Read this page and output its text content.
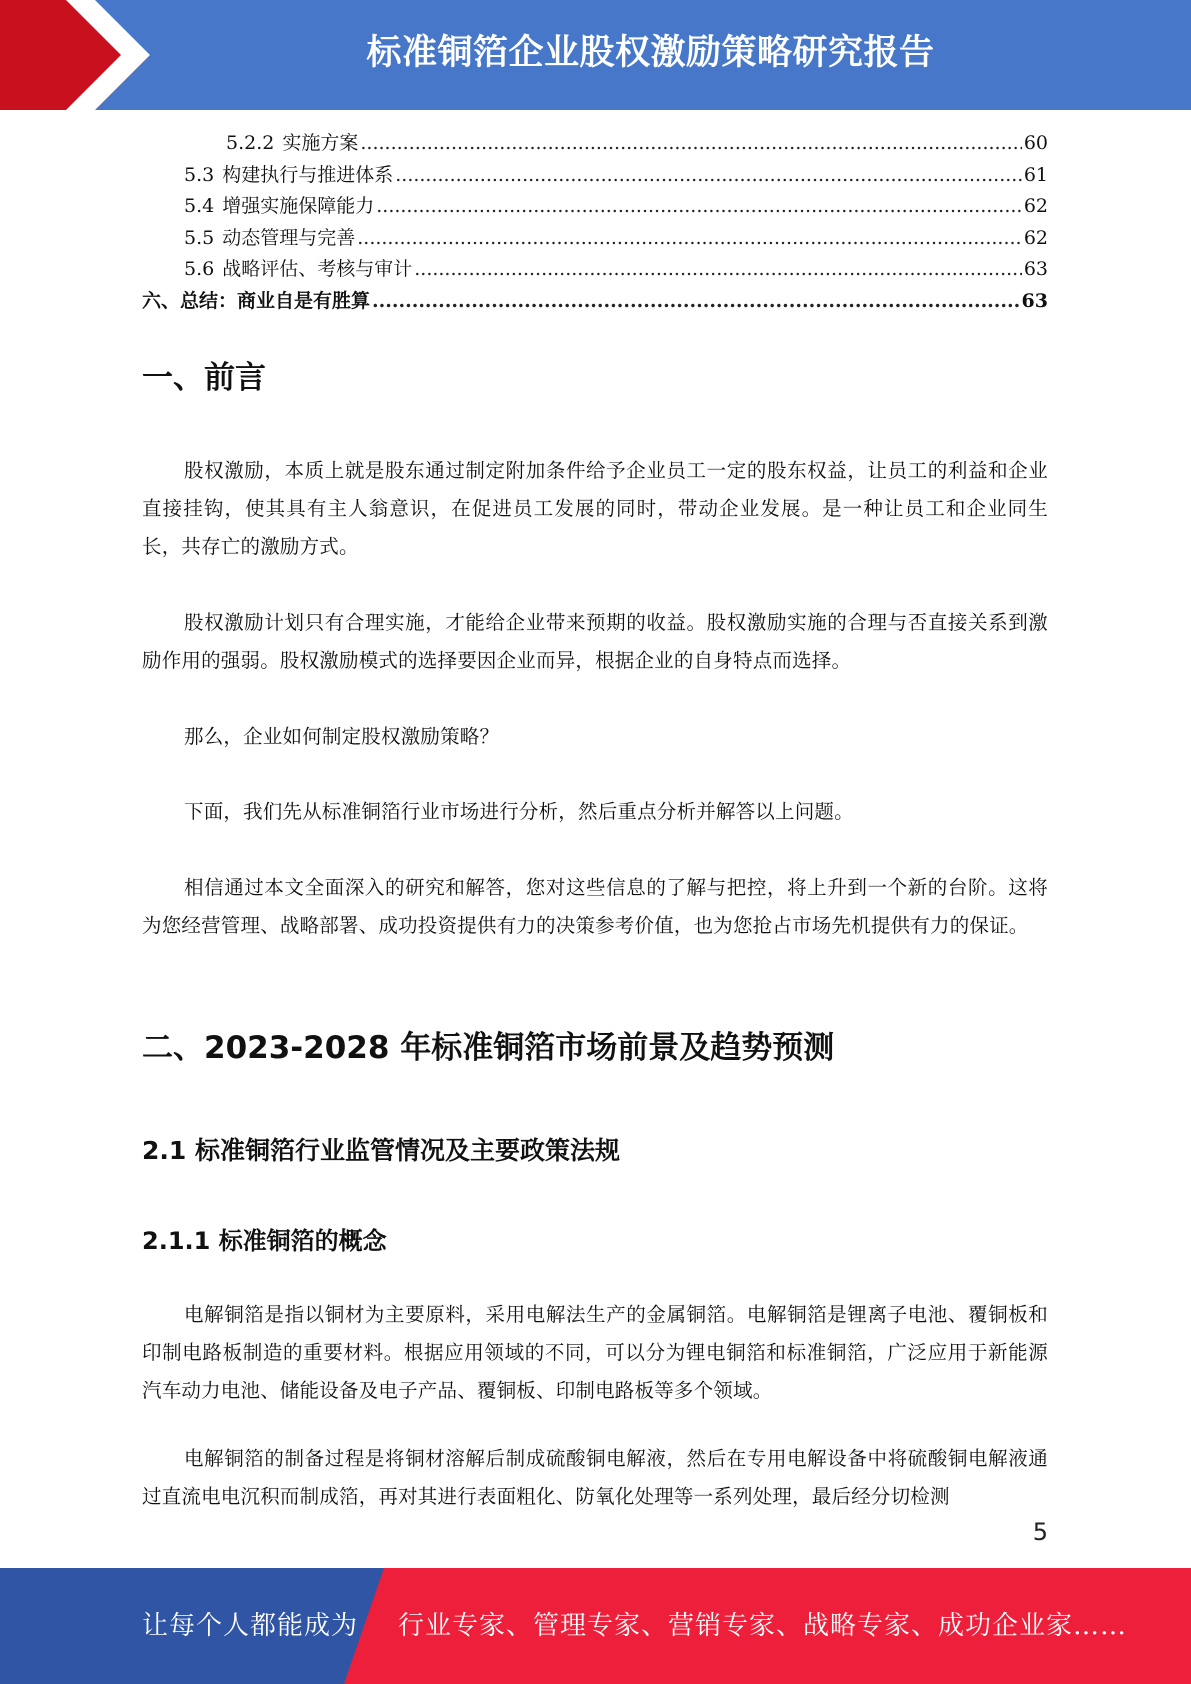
标准铜箔企业股权激励策略研究报告
5.2.2 实施方案 .....	60
5.3 构建执行与推进体系 .....	61
5.4 增强实施保障能力 .....	62
5.5 动态管理与完善 .....	62
5.6 战略评估、考核与审计 .....	63
六、总结：商业自是有胜算 .....	63
一、前言

股权激励，本质上就是股东通过制定附加条件给予企业员工一定的股东权益，让员工的利益和企业直接挂钩，使其具有主人翁意识，在促进员工发展的同时，带动企业发展。是一种让员工和企业同生长，共存亡的激励方式。

股权激励计划只有合理实施，才能给企业带来预期的收益。股权激励实施的合理与否直接关系到激励作用的强弱。股权激励模式的选择要因企业而异，根据企业的自身特点而选择。

那么，企业如何制定股权激励策略？

下面，我们先从标准铜箔行业市场进行分析，然后重点分析并解答以上问题。

相信通过本文全面深入的研究和解答，您对这些信息的了解与把控，将上升到一个新的台阶。这将为您经营管理、战略部署、成功投资提供有力的决策参考价值，也为您抢占市场先机提供有力的保证。

二、2023-2028 年标准铜箔市场前景及趋势预测
2.1 标准铜箔行业监管情况及主要政策法规
2.1.1 标准铜箔的概念

电解铜箔是指以铜材为主要原料，采用电解法生产的金属铜箔。电解铜箔是锂离子电池、覆铜板和印制电路板制造的重要材料。根据应用领域的不同，可以分为锂电铜箔和标准铜箔，广泛应用于新能源汽车动力电池、储能设备及电子产品、覆铜板、印制电路板等多个领域。

电解铜箔的制备过程是将铜材溶解后制成硫酸铜电解液，然后在专用电解设备中将硫酸铜电解液通过直流电电沉积而制成箔，再对其进行表面粗化、防氧化处理等一系列处理，最后经分切检测

5
让每个人都能成为 行业专家、管理专家、营销专家、战略专家、成功企业家……
